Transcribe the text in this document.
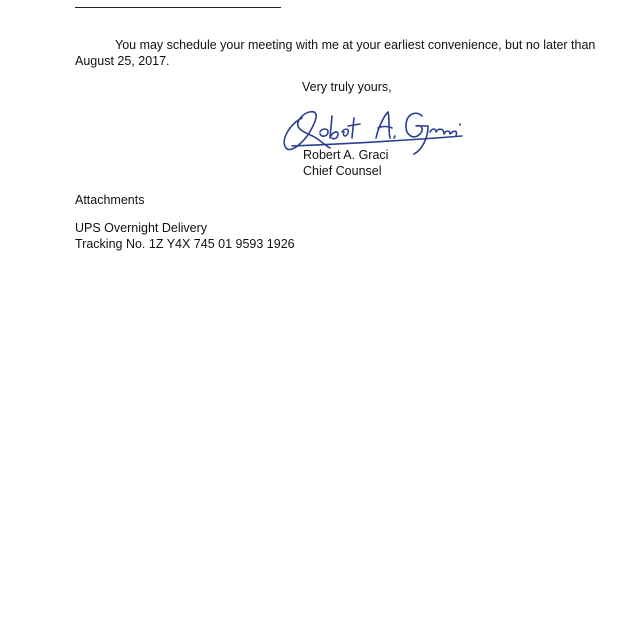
You may schedule your meeting with me at your earliest convenience, but no later than August 25, 2017.

Very truly yours,

Robert A. Graci

Chief Counsel

Attachments

UPS Overnight Delivery

Tracking No. 1Z Y4X 745 01 9593 1926
